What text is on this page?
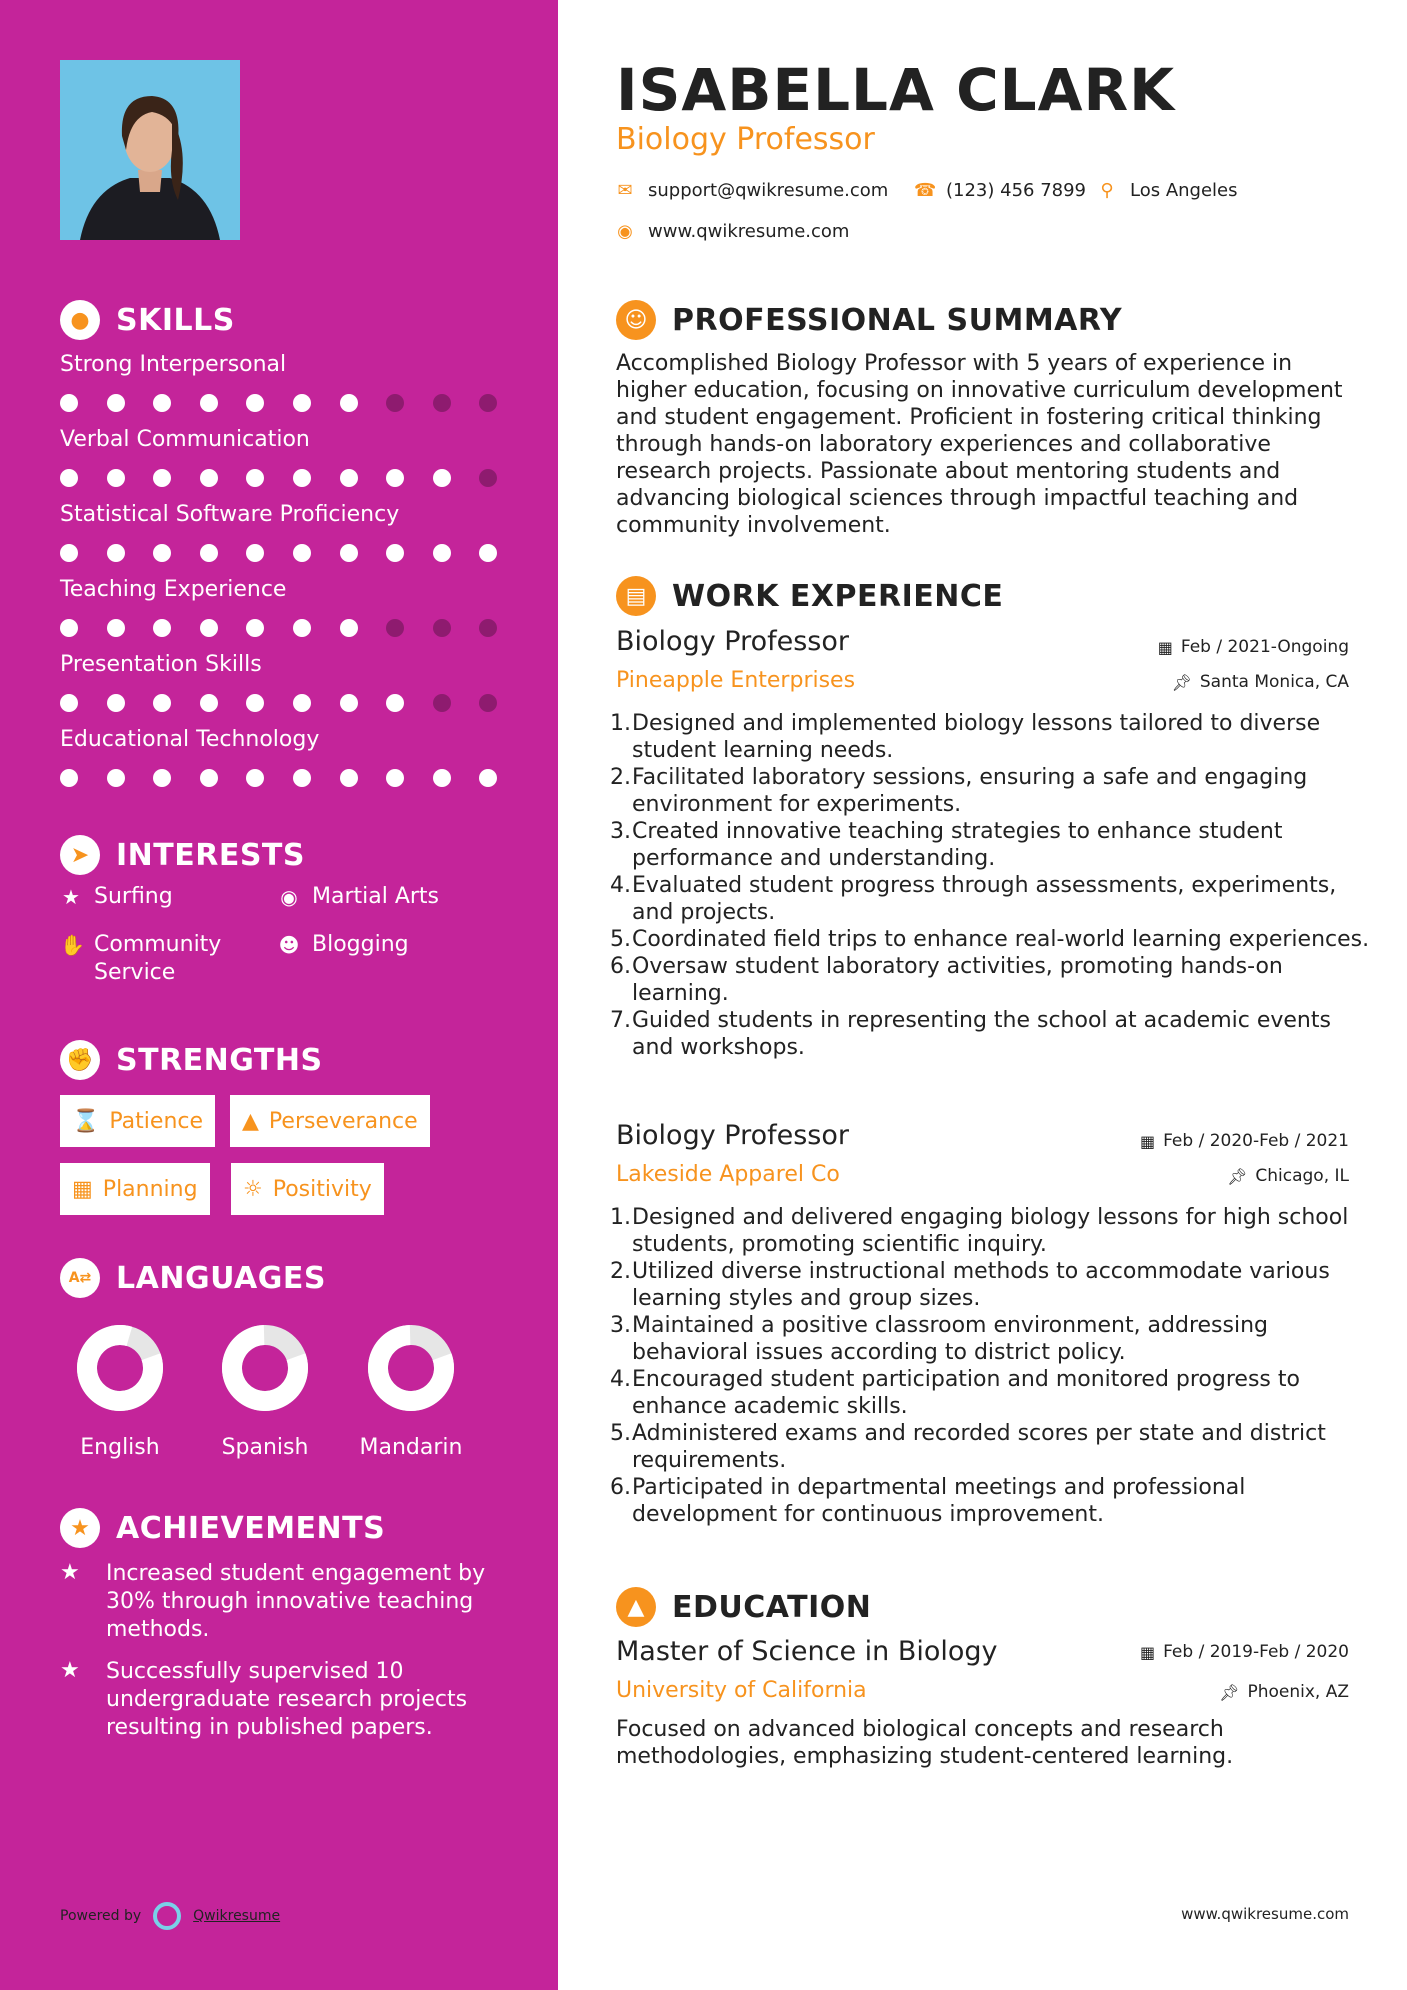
● SKILLS
Strong Interpersonal
Verbal Communication
Statistical Software Proficiency
Teaching Experience
Presentation Skills
Educational Technology
➤ INTERESTS
★ Surfing	◉ Martial Arts
✋ Community
Service
☻ Blogging
✊ STRENGTHS
⌛ Patience ▲ Perseverance
▦ Planning ☼ Positivity
A⇄ LANGUAGES
English	Spanish	Mandarin
★ ACHIEVEMENTS
★	Increased student engagement by 30% through innovative teaching methods.
★	Successfully supervised 10 undergraduate research projects resulting in published papers.
Powered by	Qwikresume
ISABELLA CLARK
Biology Professor
✉ support@qwikresume.com ☎ (123) 456 7899 ⚲ Los Angeles
◉ www.qwikresume.com
☺ PROFESSIONAL SUMMARY
Accomplished Biology Professor with 5 years of experience in higher education, focusing on innovative curriculum development and student engagement. Proficient in fostering critical thinking through hands-on laboratory experiences and collaborative research projects. Passionate about mentoring students and advancing biological sciences through impactful teaching and community involvement.
▤ WORK EXPERIENCE
Biology Professor	▦ Feb / 2021-Ongoing
Pineapple Enterprises	📌︎ Santa Monica, CA
1. Designed and implemented biology lessons tailored to diverse student learning needs.
2. Facilitated laboratory sessions, ensuring a safe and engaging environment for experiments.
3. Created innovative teaching strategies to enhance student performance and understanding.
4. Evaluated student progress through assessments, experiments, and projects.
5. Coordinated field trips to enhance real-world learning experiences.
6. Oversaw student laboratory activities, promoting hands-on learning.
7. Guided students in representing the school at academic events and workshops.
Biology Professor	▦ Feb / 2020-Feb / 2021
Lakeside Apparel Co	📌︎ Chicago, IL
1. Designed and delivered engaging biology lessons for high school students, promoting scientific inquiry.
2. Utilized diverse instructional methods to accommodate various learning styles and group sizes.
3. Maintained a positive classroom environment, addressing behavioral issues according to district policy.
4. Encouraged student participation and monitored progress to enhance academic skills.
5. Administered exams and recorded scores per state and district requirements.
6. Participated in departmental meetings and professional development for continuous improvement.
▲ EDUCATION
Master of Science in Biology	▦ Feb / 2019-Feb / 2020
University of California	📌︎ Phoenix, AZ
Focused on advanced biological concepts and research methodologies, emphasizing student-centered learning.
www.qwikresume.com
